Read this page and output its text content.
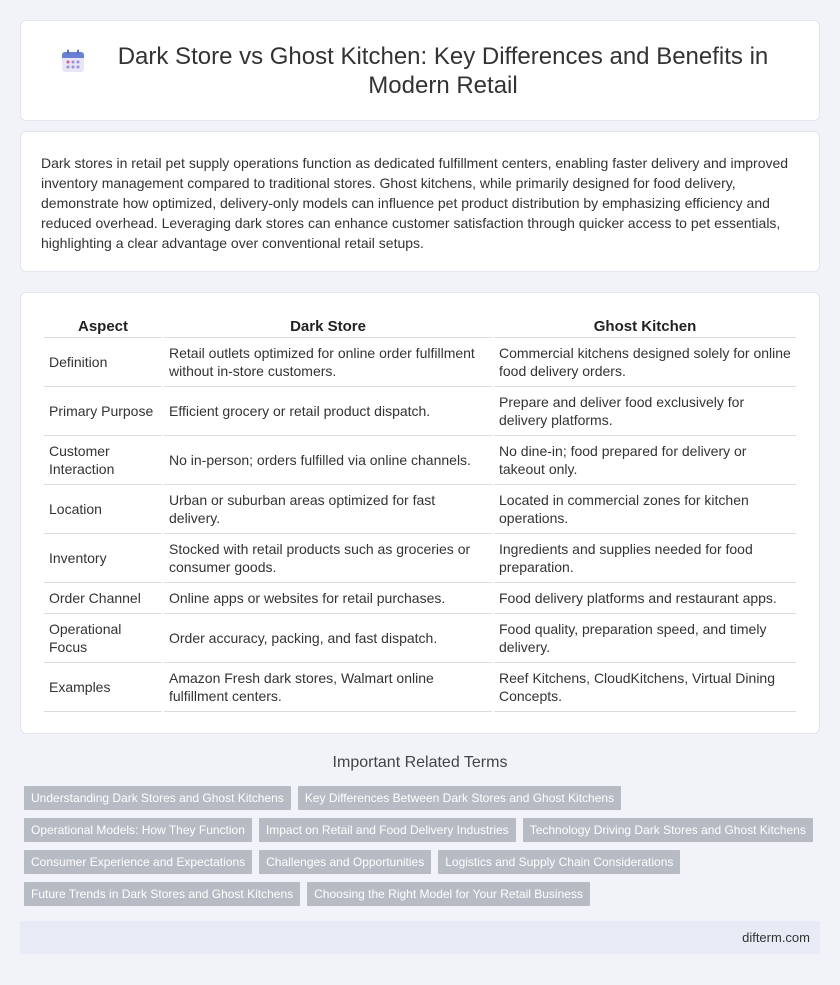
Dark Store vs Ghost Kitchen: Key Differences and Benefits in Modern Retail

Dark stores in retail pet supply operations function as dedicated fulfillment centers, enabling faster delivery and improved inventory management compared to traditional stores. Ghost kitchens, while primarily designed for food delivery, demonstrate how optimized, delivery-only models can influence pet product distribution by emphasizing efficiency and reduced overhead. Leveraging dark stores can enhance customer satisfaction through quicker access to pet essentials, highlighting a clear advantage over conventional retail setups.

Aspect	Dark Store	Ghost Kitchen
Definition	Retail outlets optimized for online order fulfillment without in-store customers.	Commercial kitchens designed solely for online food delivery orders.
Primary Purpose	Efficient grocery or retail product dispatch.	Prepare and deliver food exclusively for delivery platforms.
Customer Interaction	No in-person; orders fulfilled via online channels.	No dine-in; food prepared for delivery or takeout only.
Location	Urban or suburban areas optimized for fast delivery.	Located in commercial zones for kitchen operations.
Inventory	Stocked with retail products such as groceries or consumer goods.	Ingredients and supplies needed for food preparation.
Order Channel	Online apps or websites for retail purchases.	Food delivery platforms and restaurant apps.
Operational Focus	Order accuracy, packing, and fast dispatch.	Food quality, preparation speed, and timely delivery.
Examples	Amazon Fresh dark stores, Walmart online fulfillment centers.	Reef Kitchens, CloudKitchens, Virtual Dining Concepts.
Important Related Terms
Understanding Dark Stores and Ghost Kitchens	Key Differences Between Dark Stores and Ghost Kitchens
Operational Models: How They Function	Impact on Retail and Food Delivery Industries	Technology Driving Dark Stores and Ghost Kitchens
Consumer Experience and Expectations	Challenges and Opportunities	Logistics and Supply Chain Considerations
Future Trends in Dark Stores and Ghost Kitchens	Choosing the Right Model for Your Retail Business
difterm.com
